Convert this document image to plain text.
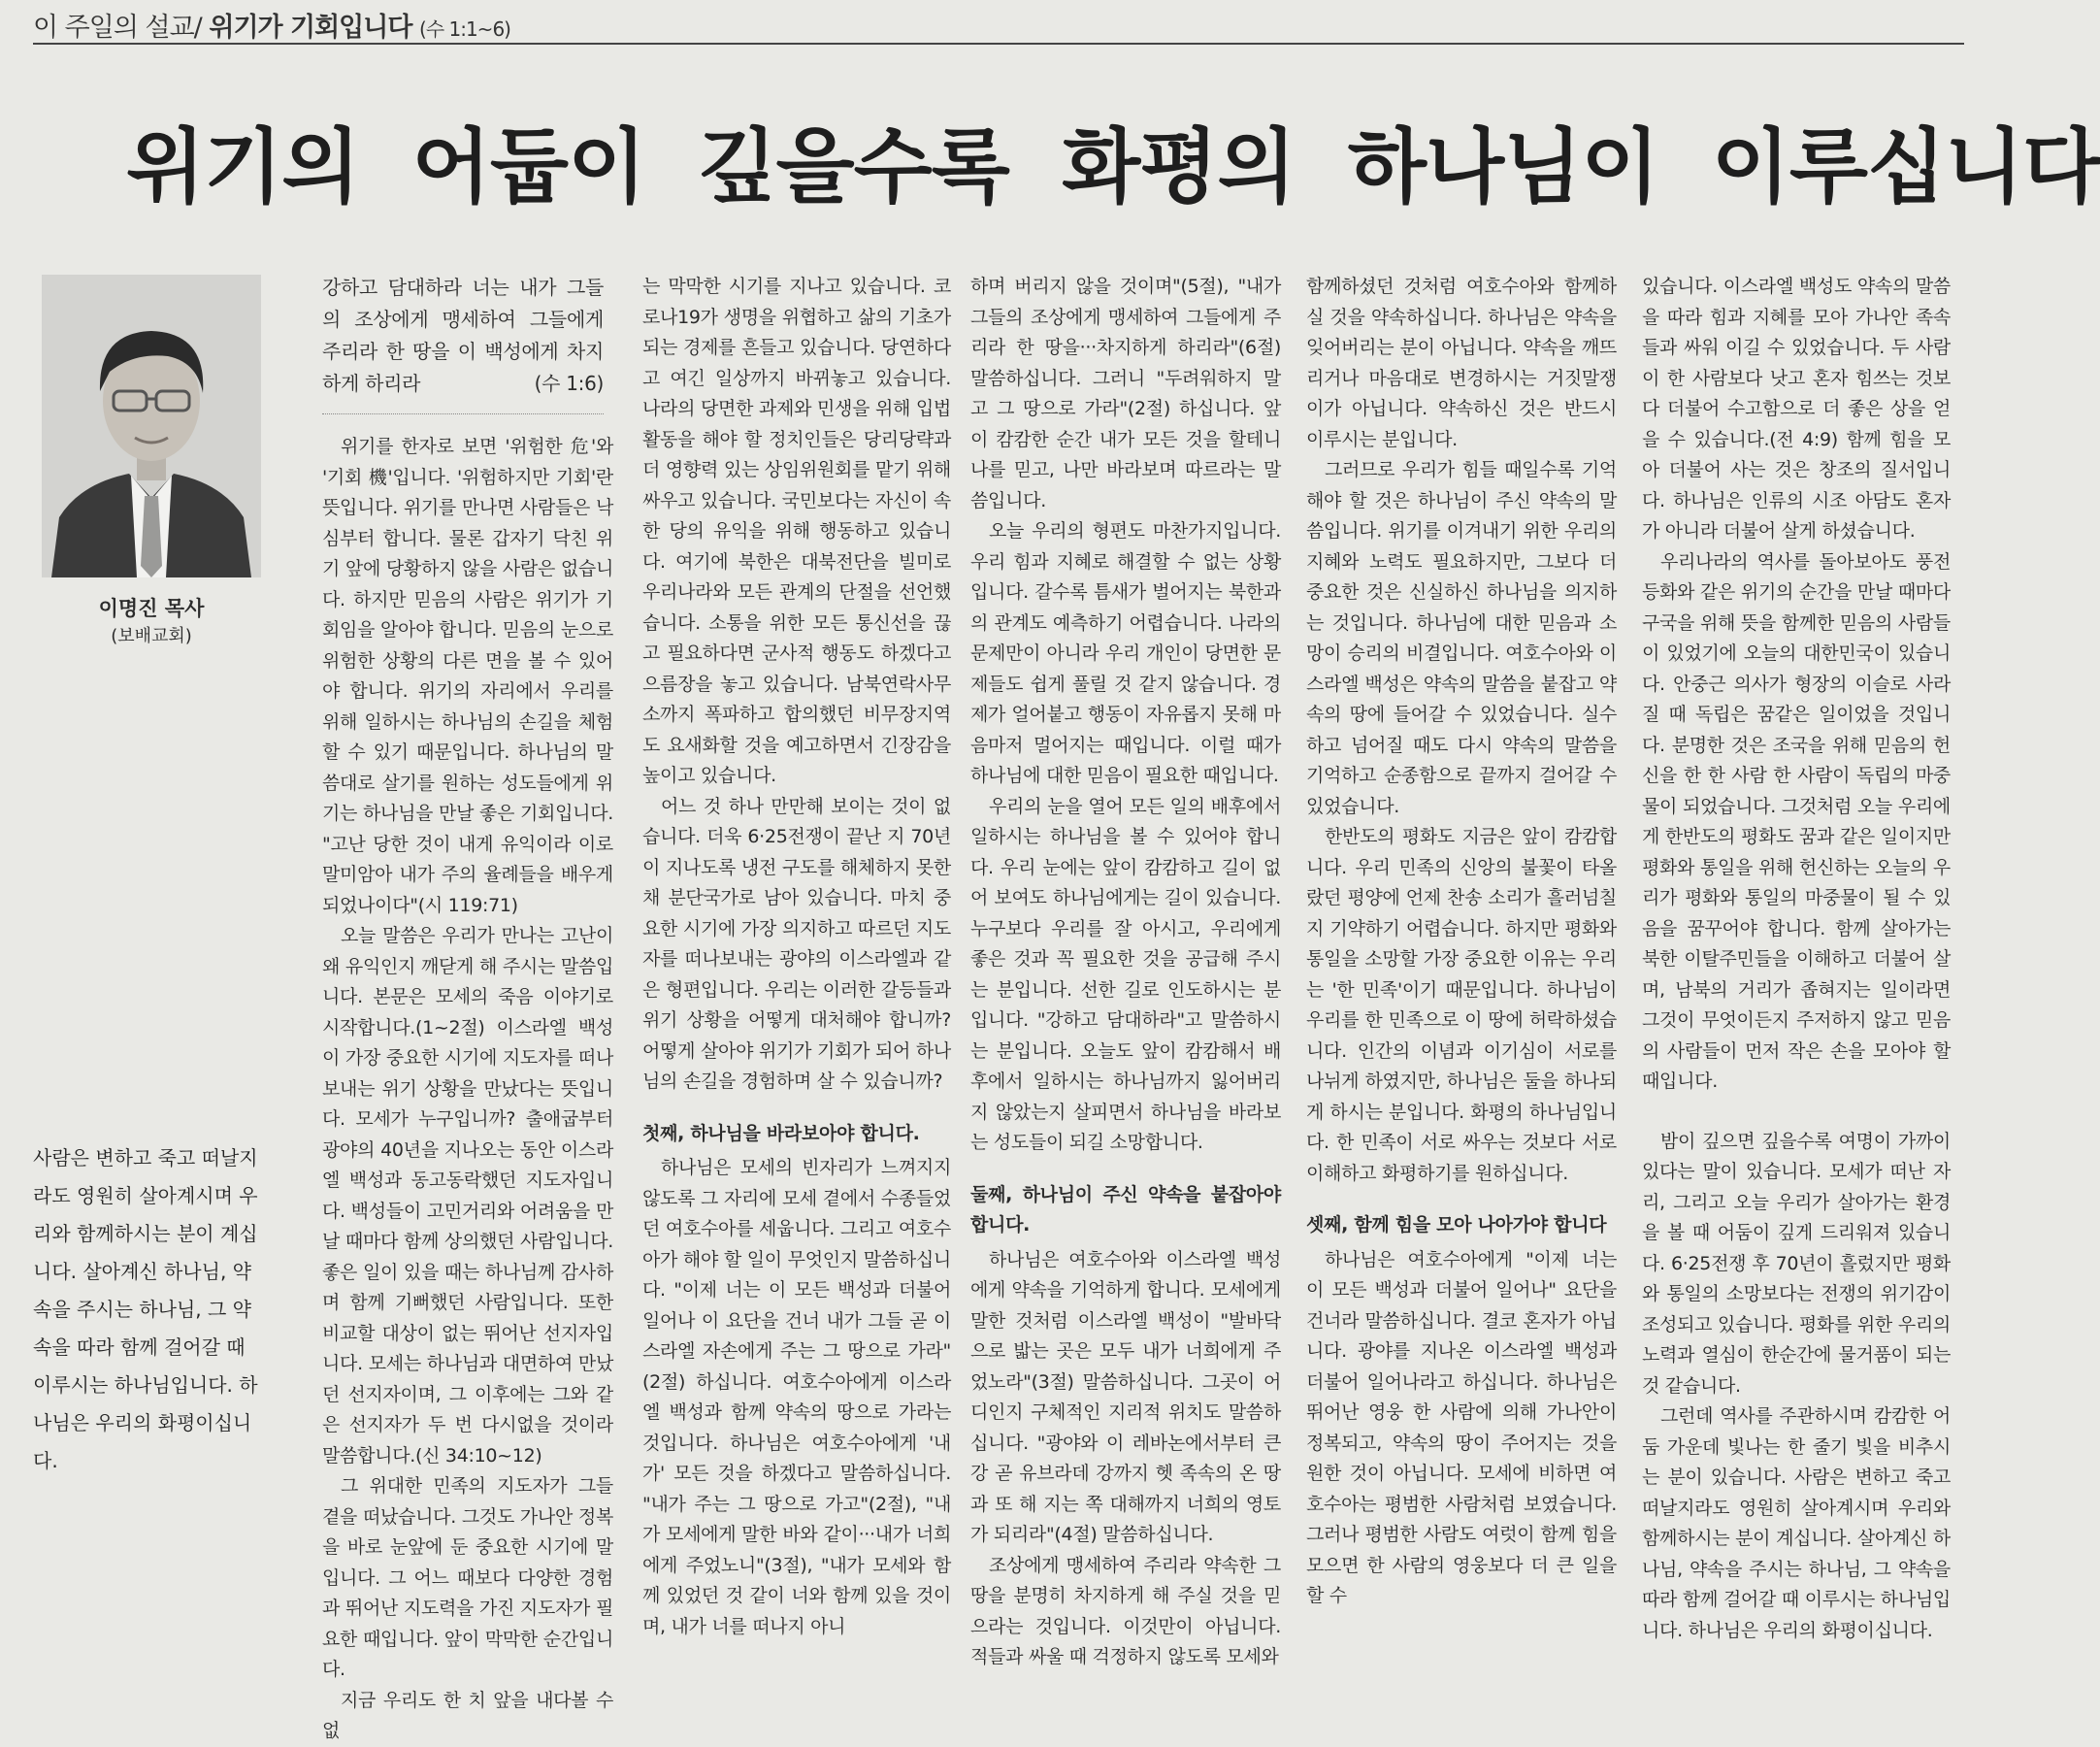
이 주일의 설교/ 위기가 기회입니다 (수 1:1~6)
위기의 어둡이 깊을수록 화평의 하나님이 이루십니다
이명진 목사
(보배교회)

사람은 변하고 죽고 떠날지라도 영원히 살아계시며 우리와 함께하시는 분이 계십니다. 살아계신 하나님, 약속을 주시는 하나님, 그 약속을 따라 함께 걸어갈 때 이루시는 하나님입니다. 하나님은 우리의 화평이십니다.

강하고 담대하라 너는 내가 그들의 조상에게 맹세하여 그들에게 주리라 한 땅을 이 백성에게 차지하게 하리라	(수 1:6)

위기를 한자로 보면 '위험한 危'와 '기회 機'입니다. '위험하지만 기회'란 뜻입니다. 위기를 만나면 사람들은 낙심부터 합니다. 물론 갑자기 닥친 위기 앞에 당황하지 않을 사람은 없습니다. 하지만 믿음의 사람은 위기가 기회임을 알아야 합니다. 믿음의 눈으로 위험한 상황의 다른 면을 볼 수 있어야 합니다. 위기의 자리에서 우리를 위해 일하시는 하나님의 손길을 체험할 수 있기 때문입니다. 하나님의 말씀대로 살기를 원하는 성도들에게 위기는 하나님을 만날 좋은 기회입니다. "고난 당한 것이 내게 유익이라 이로 말미암아 내가 주의 율례들을 배우게 되었나이다"(시 119:71)

오늘 말씀은 우리가 만나는 고난이 왜 유익인지 깨닫게 해 주시는 말씀입니다. 본문은 모세의 죽음 이야기로 시작합니다.(1~2절) 이스라엘 백성이 가장 중요한 시기에 지도자를 떠나보내는 위기 상황을 만났다는 뜻입니다. 모세가 누구입니까? 출애굽부터 광야의 40년을 지나오는 동안 이스라엘 백성과 동고동락했던 지도자입니다. 백성들이 고민거리와 어려움을 만날 때마다 함께 상의했던 사람입니다. 좋은 일이 있을 때는 하나님께 감사하며 함께 기뻐했던 사람입니다. 또한 비교할 대상이 없는 뛰어난 선지자입니다. 모세는 하나님과 대면하여 만났던 선지자이며, 그 이후에는 그와 같은 선지자가 두 번 다시없을 것이라 말씀합니다.(신 34:10~12)

그 위대한 민족의 지도자가 그들 곁을 떠났습니다. 그것도 가나안 정복을 바로 눈앞에 둔 중요한 시기에 말입니다. 그 어느 때보다 다양한 경험과 뛰어난 지도력을 가진 지도자가 필요한 때입니다. 앞이 막막한 순간입니다.

지금 우리도 한 치 앞을 내다볼 수 없

는 막막한 시기를 지나고 있습니다. 코로나19가 생명을 위협하고 삶의 기초가 되는 경제를 흔들고 있습니다. 당연하다고 여긴 일상까지 바뀌놓고 있습니다. 나라의 당면한 과제와 민생을 위해 입법 활동을 해야 할 정치인들은 당리당략과 더 영향력 있는 상임위원회를 맡기 위해 싸우고 있습니다. 국민보다는 자신이 속한 당의 유익을 위해 행동하고 있습니다. 여기에 북한은 대북전단을 빌미로 우리나라와 모든 관계의 단절을 선언했습니다. 소통을 위한 모든 통신선을 끊고 필요하다면 군사적 행동도 하겠다고 으름장을 놓고 있습니다. 남북연락사무소까지 폭파하고 합의했던 비무장지역도 요새화할 것을 예고하면서 긴장감을 높이고 있습니다.

어느 것 하나 만만해 보이는 것이 없습니다. 더욱 6·25전쟁이 끝난 지 70년이 지나도록 냉전 구도를 해체하지 못한 채 분단국가로 남아 있습니다. 마치 중요한 시기에 가장 의지하고 따르던 지도자를 떠나보내는 광야의 이스라엘과 같은 형편입니다. 우리는 이러한 갈등들과 위기 상황을 어떻게 대처해야 합니까? 어떻게 살아야 위기가 기회가 되어 하나님의 손길을 경험하며 살 수 있습니까?

첫째, 하나님을 바라보아야 합니다.

하나님은 모세의 빈자리가 느껴지지 않도록 그 자리에 모세 곁에서 수종들었던 여호수아를 세웁니다. 그리고 여호수아가 해야 할 일이 무엇인지 말씀하십니다. "이제 너는 이 모든 백성과 더불어 일어나 이 요단을 건너 내가 그들 곧 이스라엘 자손에게 주는 그 땅으로 가라"(2절) 하십니다. 여호수아에게 이스라엘 백성과 함께 약속의 땅으로 가라는 것입니다. 하나님은 여호수아에게 '내가' 모든 것을 하겠다고 말씀하십니다. "내가 주는 그 땅으로 가고"(2절), "내가 모세에게 말한 바와 같이···내가 너희에게 주었노니"(3절), "내가 모세와 함께 있었던 것 같이 너와 함께 있을 것이며, 내가 너를 떠나지 아니

하며 버리지 않을 것이며"(5절), "내가 그들의 조상에게 맹세하여 그들에게 주리라 한 땅을···차지하게 하리라"(6절) 말씀하십니다. 그러니 "두려워하지 말고 그 땅으로 가라"(2절) 하십니다. 앞이 캄캄한 순간 내가 모든 것을 할테니 나를 믿고, 나만 바라보며 따르라는 말씀입니다.

오늘 우리의 형편도 마찬가지입니다. 우리 힘과 지혜로 해결할 수 없는 상황입니다. 갈수록 틈새가 벌어지는 북한과의 관계도 예측하기 어렵습니다. 나라의 문제만이 아니라 우리 개인이 당면한 문제들도 쉽게 풀릴 것 같지 않습니다. 경제가 얼어붙고 행동이 자유롭지 못해 마음마저 멀어지는 때입니다. 이럴 때가 하나님에 대한 믿음이 필요한 때입니다.

우리의 눈을 열어 모든 일의 배후에서 일하시는 하나님을 볼 수 있어야 합니다. 우리 눈에는 앞이 캄캄하고 길이 없어 보여도 하나님에게는 길이 있습니다. 누구보다 우리를 잘 아시고, 우리에게 좋은 것과 꼭 필요한 것을 공급해 주시는 분입니다. 선한 길로 인도하시는 분입니다. "강하고 담대하라"고 말씀하시는 분입니다. 오늘도 앞이 캄캄해서 배후에서 일하시는 하나님까지 잃어버리지 않았는지 살피면서 하나님을 바라보는 성도들이 되길 소망합니다.

둘째, 하나님이 주신 약속을 붙잡아야 합니다.

하나님은 여호수아와 이스라엘 백성에게 약속을 기억하게 합니다. 모세에게 말한 것처럼 이스라엘 백성이 "발바닥으로 밟는 곳은 모두 내가 너희에게 주었노라"(3절) 말씀하십니다. 그곳이 어디인지 구체적인 지리적 위치도 말씀하십니다. "광야와 이 레바논에서부터 큰 강 곧 유브라데 강까지 헷 족속의 온 땅과 또 해 지는 쪽 대해까지 너희의 영토가 되리라"(4절) 말씀하십니다.

조상에게 맹세하여 주리라 약속한 그 땅을 분명히 차지하게 해 주실 것을 믿으라는 것입니다. 이것만이 아닙니다. 적들과 싸울 때 걱정하지 않도록 모세와

함께하셨던 것처럼 여호수아와 함께하실 것을 약속하십니다. 하나님은 약속을 잊어버리는 분이 아닙니다. 약속을 깨뜨리거나 마음대로 변경하시는 거짓말쟁이가 아닙니다. 약속하신 것은 반드시 이루시는 분입니다.

그러므로 우리가 힘들 때일수록 기억해야 할 것은 하나님이 주신 약속의 말씀입니다. 위기를 이겨내기 위한 우리의 지혜와 노력도 필요하지만, 그보다 더 중요한 것은 신실하신 하나님을 의지하는 것입니다. 하나님에 대한 믿음과 소망이 승리의 비결입니다. 여호수아와 이스라엘 백성은 약속의 말씀을 붙잡고 약속의 땅에 들어갈 수 있었습니다. 실수하고 넘어질 때도 다시 약속의 말씀을 기억하고 순종함으로 끝까지 걸어갈 수 있었습니다.

한반도의 평화도 지금은 앞이 캄캄합니다. 우리 민족의 신앙의 불꽃이 타올랐던 평양에 언제 찬송 소리가 흘러넘칠지 기약하기 어렵습니다. 하지만 평화와 통일을 소망할 가장 중요한 이유는 우리는 '한 민족'이기 때문입니다. 하나님이 우리를 한 민족으로 이 땅에 허락하셨습니다. 인간의 이념과 이기심이 서로를 나뉘게 하였지만, 하나님은 둘을 하나되게 하시는 분입니다. 화평의 하나님입니다. 한 민족이 서로 싸우는 것보다 서로 이해하고 화평하기를 원하십니다.

셋째, 함께 힘을 모아 나아가야 합니다

하나님은 여호수아에게 "이제 너는 이 모든 백성과 더불어 일어나" 요단을 건너라 말씀하십니다. 결코 혼자가 아닙니다. 광야를 지나온 이스라엘 백성과 더불어 일어나라고 하십니다. 하나님은 뛰어난 영웅 한 사람에 의해 가나안이 정복되고, 약속의 땅이 주어지는 것을 원한 것이 아닙니다. 모세에 비하면 여호수아는 평범한 사람처럼 보였습니다. 그러나 평범한 사람도 여럿이 함께 힘을 모으면 한 사람의 영웅보다 더 큰 일을 할 수

있습니다. 이스라엘 백성도 약속의 말씀을 따라 힘과 지혜를 모아 가나안 족속들과 싸워 이길 수 있었습니다. 두 사람이 한 사람보다 낫고 혼자 힘쓰는 것보다 더불어 수고함으로 더 좋은 상을 얻을 수 있습니다.(전 4:9) 함께 힘을 모아 더불어 사는 것은 창조의 질서입니다. 하나님은 인류의 시조 아담도 혼자가 아니라 더불어 살게 하셨습니다.

우리나라의 역사를 돌아보아도 풍전등화와 같은 위기의 순간을 만날 때마다 구국을 위해 뜻을 함께한 믿음의 사람들이 있었기에 오늘의 대한민국이 있습니다. 안중근 의사가 형장의 이슬로 사라질 때 독립은 꿈같은 일이었을 것입니다. 분명한 것은 조국을 위해 믿음의 헌신을 한 한 사람 한 사람이 독립의 마중물이 되었습니다. 그것처럼 오늘 우리에게 한반도의 평화도 꿈과 같은 일이지만 평화와 통일을 위해 헌신하는 오늘의 우리가 평화와 통일의 마중물이 될 수 있음을 꿈꾸어야 합니다. 함께 살아가는 북한 이탈주민들을 이해하고 더불어 살며, 남북의 거리가 좁혀지는 일이라면 그것이 무엇이든지 주저하지 않고 믿음의 사람들이 먼저 작은 손을 모아야 할 때입니다.

밤이 깊으면 깊을수록 여명이 가까이 있다는 말이 있습니다. 모세가 떠난 자리, 그리고 오늘 우리가 살아가는 환경을 볼 때 어둠이 깊게 드리워져 있습니다. 6·25전쟁 후 70년이 흘렀지만 평화와 통일의 소망보다는 전쟁의 위기감이 조성되고 있습니다. 평화를 위한 우리의 노력과 열심이 한순간에 물거품이 되는 것 같습니다.

그런데 역사를 주관하시며 캄캄한 어둠 가운데 빛나는 한 줄기 빛을 비추시는 분이 있습니다. 사람은 변하고 죽고 떠날지라도 영원히 살아계시며 우리와 함께하시는 분이 계십니다. 살아계신 하나님, 약속을 주시는 하나님, 그 약속을 따라 함께 걸어갈 때 이루시는 하나님입니다. 하나님은 우리의 화평이십니다.
